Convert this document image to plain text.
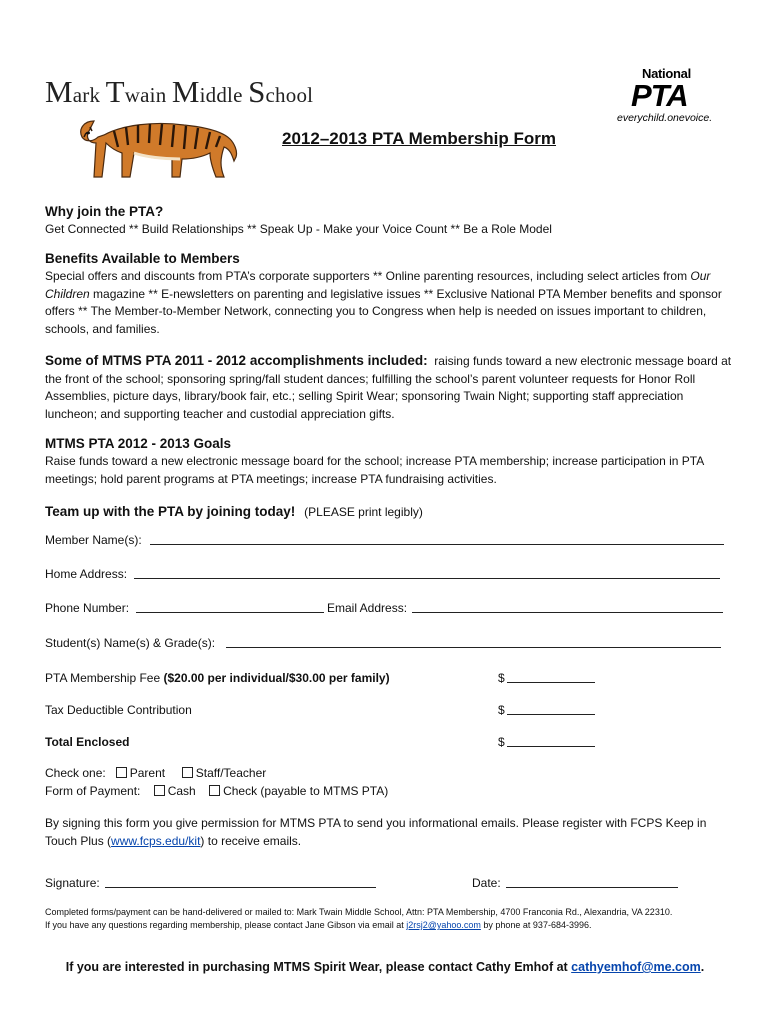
Mark Twain Middle School
National
PTA
everychild.onevoice.
2012–2013 PTA Membership Form
Why join the PTA?
Get Connected ** Build Relationships ** Speak Up - Make your Voice Count ** Be a Role Model
Benefits Available to Members
Special offers and discounts from PTA’s corporate supporters ** Online parenting resources, including select articles from Our Children magazine ** E-newsletters on parenting and legislative issues ** Exclusive National PTA Member benefits and sponsor offers ** The Member-to-Member Network, connecting you to Congress when help is needed on issues important to children, schools, and families.
Some of MTMS PTA 2011 - 2012 accomplishments included: raising funds toward a new electronic message board at the front of the school; sponsoring spring/fall student dances; fulfilling the school’s parent volunteer requests for Honor Roll Assemblies, picture days, library/book fair, etc.; selling Spirit Wear; sponsoring Twain Night; supporting staff appreciation luncheon; and supporting teacher and custodial appreciation gifts.
MTMS PTA 2012 - 2013 Goals
Raise funds toward a new electronic message board for the school; increase PTA membership; increase participation in PTA meetings; hold parent programs at PTA meetings; increase PTA fundraising activities.
Team up with the PTA by joining today! (PLEASE print legibly)
Member Name(s):
Home Address:
Phone Number:	Email Address:
Student(s) Name(s) & Grade(s):
PTA Membership Fee ($20.00 per individual/$30.00 per family)	$
Tax Deductible Contribution	$
Total Enclosed	$
Check one: Parent	Staff/Teacher
Form of Payment: Cash Check (payable to MTMS PTA)
By signing this form you give permission for MTMS PTA to send you informational emails. Please register with FCPS Keep in Touch Plus (www.fcps.edu/kit) to receive emails.
Signature:	Date:
Completed forms/payment can be hand-delivered or mailed to: Mark Twain Middle School, Attn: PTA Membership, 4700 Franconia Rd., Alexandria, VA 22310.
If you have any questions regarding membership, please contact Jane Gibson via email at j2rsj2@yahoo.com by phone at 937-684-3996.
If you are interested in purchasing MTMS Spirit Wear, please contact Cathy Emhof at cathyemhof@me.com.
